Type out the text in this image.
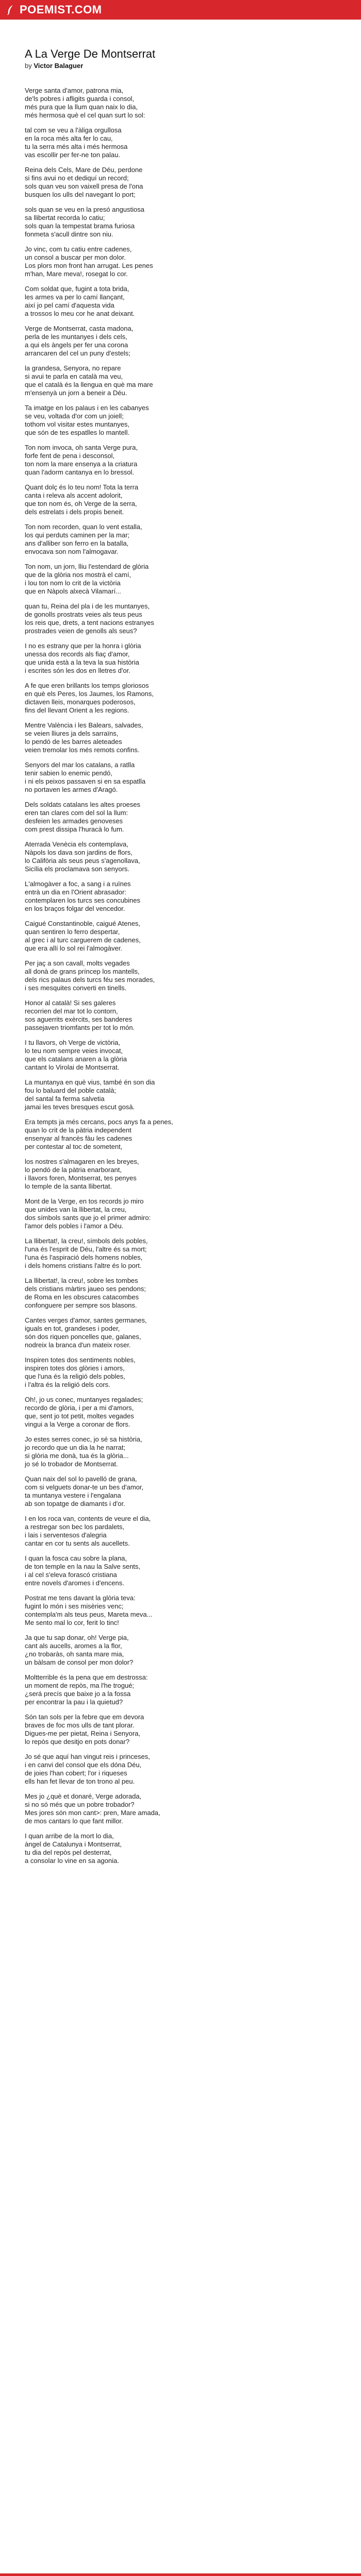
POEMIST.COM
A La Verge De Montserrat
by Victor Balaguer
Verge santa d'amor, patrona mia,
de'ls pobres i afligits guarda i consol,
més pura que la llum quan naix lo dia,
més hermosa què el cel quan surt lo sol:
tal com se veu a l'àliga orgullosa
en la roca més alta fer lo cau,
tu la serra més alta i més hermosa
vas escollir per fer-ne ton palau.
Reina dels Cels, Mare de Déu, perdone
si fins avui no et dediquí un record;
sols quan veu son vaixell presa de l'ona
busquen los ulls del navegant lo port;
sols quan se veu en la presó angustiosa
sa llibertat recorda lo catiu;
sols quan la tempestat brama furiosa
fonmeta s'acull dintre son niu.
Jo vinc, com tu catiu entre cadenes,
un consol a buscar per mon dolor.
Los plors mon front han arrugat. Les penes
m'han, Mare meva!, rosegat lo cor.
Com soldat que, fugint a tota brida,
les armes va per lo camí llançant,
així jo pel camí d'aquesta vida
a trossos lo meu cor he anat deixant.
Verge de Montserrat, casta madona,
perla de les muntanyes i dels cels,
a qui els àngels per fer una corona
arrancaren del cel un puny d'estels;
la grandesa, Senyora, no repare
si avui te parla en català ma veu,
que el català és la llengua en què ma mare
m'ensenyà un jorn a beneir a Déu.
Ta imatge en los palaus i en les cabanyes
se veu, voltada d'or com un joiell;
tothom vol visitar estes muntanyes,
que són de tes espatlles lo mantell.
Ton nom invoca, oh santa Verge pura,
forfe fent de pena i desconsol,
ton nom la mare ensenya a la criatura
quan l'adorm cantanya en lo bressol.
Quant dolç és lo teu nom! Tota la terra
canta i releva als accent adolorit,
que ton nom és, oh Verge de la serra,
dels estrelats i dels propis beneit.
Ton nom recorden, quan lo vent estalla,
los qui perduts caminen per la mar;
ans d'alliber son ferro en la batalla,
envocava son nom l'almogavar.
Ton nom, un jorn, lliu l'estendard de glòria
que de la glòria nos mostrà el camí,
i lou ton nom lo crit de la victòria
que en Nàpols alxecà Vilamarí...
quan tu, Reina del pla i de les muntanyes,
de gonolls prostrats veies als teus peus
los reis que, drets, a tent nacions estranyes
prostrades veien de genolls als seus?
I no es estrany que per la honra i glòria
unessa dos records als fiaç d'amor,
que unida està a la teva la sua història
i escrites són les dos en lletres d'or.
A fe que eren brillants los temps gloriosos
en què els Peres, los Jaumes, los Ramons,
dictaven lleis, monarques poderosos,
fins del llevant Orient a les regions.
Mentre València i les Balears, salvades,
se veien lliures ja dels sarraïns,
lo pendó de les barres aleteades
veien tremolar los més remots confins.
Senyors del mar los catalans, a ratlla
tenir sabien lo enemic pendó,
i ni els peixos passaven si en sa espatlla
no portaven les armes d'Aragó.
Dels soldats catalans les altes proeses
eren tan clares com del sol la llum:
desfeien les armades genoveses
com prest dissipa l'huracà lo fum.
Aterrada Venècia els contemplava,
Nàpols los dava son jardins de flors,
lo Califòria als seus peus s'agenollava,
Sicília els proclamava son senyors.
L'almogàver a foc, a sang i a ruïnes
entrà un dia en l'Orient abrasador:
contemplaren los turcs ses concubines
en los braços folgar del vencedor.
Caigué Constantinoble, caigué Atenes,
quan sentiren lo ferro despertar,
al grec i al turc carguerem de cadenes,
que era allí lo sol rei l'almogàver.
Per jaç a son cavall, molts vegades
all donà de grans príncep los mantells,
dels rics palaus dels turcs féu ses morades,
i ses mesquites converti en tinells.
Honor al català! Si ses galeres
recorrien del mar tot lo contorn,
sos aguerrits exèrcits, ses banderes
passejaven triomfants per tot lo món.
I tu llavors, oh Verge de victòria,
lo teu nom sempre veies invocat,
que els catalans anaren a la glòria
cantant lo Virolai de Montserrat.
La muntanya en què vius, també én son dia
fou lo baluard del poble català;
del santal fa ferma salvetia
jamai les teves bresques escut gosà.
Era tempts ja més cercans, pocs anys fa a penes,
quan lo crit de la pàtria independent
ensenyar al francès fàu les cadenes
per contestar al toc de sometent,
los nostres s'almagaren en les breyes,
lo pendó de la pàtria enarborant,
i llavors foren, Montserrat, tes penyes
lo temple de la santa llibertat.
Mont de la Verge, en tos records jo miro
que unides van la llibertat, la creu,
dos símbols sants que jo el primer admiro:
l'amor dels pobles i l'amor a Déu.
La llibertat!, la creu!, símbols dels pobles,
l'una és l'esprit de Déu, l'altre és sa mort;
l'una és l'aspiració dels homens nobles,
i dels homens cristians l'altre és lo port.
La llibertat!, la creu!, sobre les tombes
dels cristians màrtirs jaueo ses pendons;
de Roma en les obscures catacombes
confonguere per sempre sos blasons.
Cantes verges d'amor, santes germanes,
iguals en tot, grandeses i poder,
són dos riquen poncelles que, galanes,
nodreix la branca d'un mateix roser.
Inspiren totes dos sentiments nobles,
inspiren totes dos glòries i amors,
que l'una és la religió dels pobles,
i l'altra és la religió dels cors.
Oh!, jo us conec, muntanyes regalades;
recordo de glòria, i per a mi d'amors,
que, sent jo tot petit, moltes vegades
vingui a la Verge a coronar de flors.
Jo estes serres conec, jo sé sa història,
jo recordo que un dia la he narrat;
si glòria me donà, tua és la glòria...
jo sé lo trobador de Montserrat.
Quan naix del sol lo pavelló de grana,
com si velguets donar-te un bes d'amor,
ta muntanya vestere i l'engalana
ab son topatge de diamants i d'or.
I en los roca van, contents de veure el dia,
a restregar son bec los pardalets,
i lais i serventesos d'alegria
cantar en cor tu sents als aucellets.
I quan la fosca cau sobre la plana,
de ton temple en la nau la Salve sents,
i al cel s'eleva forascó cristiana
entre novels d'aromes i d'encens.
Postrat me tens davant la glòria teva:
fugint lo món i ses misèries venc;
contempla'm als teus peus, Mareta meva...
Me sento mal lo cor, ferit lo tinc!
Ja que tu sap donar, oh! Verge pia,
cant als aucells, aromes a la flor,
¿no trobaràs, oh santa mare mia,
un bàlsam de consol per mon dolor?
Moltterrible és la pena que em destrossa:
un moment de repòs, ma l'he trogué;
¿será precís que baixe jo a la fossa
per encontrar la pau i la quietud?
Són tan sols per la febre que em devora
braves de foc mos ulls de tant plorar.
Digues-me per pietat, Reina i Senyora,
lo repòs que desitjo en pots donar?
Jo sé que aquí han vingut reis i princeses,
i en canvi del consol que els dóna Déu,
de joies l'han cobert; l'or i riqueses
ells han fet llevar de ton trono al peu.
Mes jo ¿què et donaré, Verge adorada,
si no só més que un pobre trobador?
Mes jores són mon cant>: pren, Mare amada,
de mos cantars lo que fant millor.
I quan arribe de la mort lo dia,
àngel de Catalunya i Montserrat,
tu dia del repòs pel desterrat,
a consolar lo vine en sa agonia.
